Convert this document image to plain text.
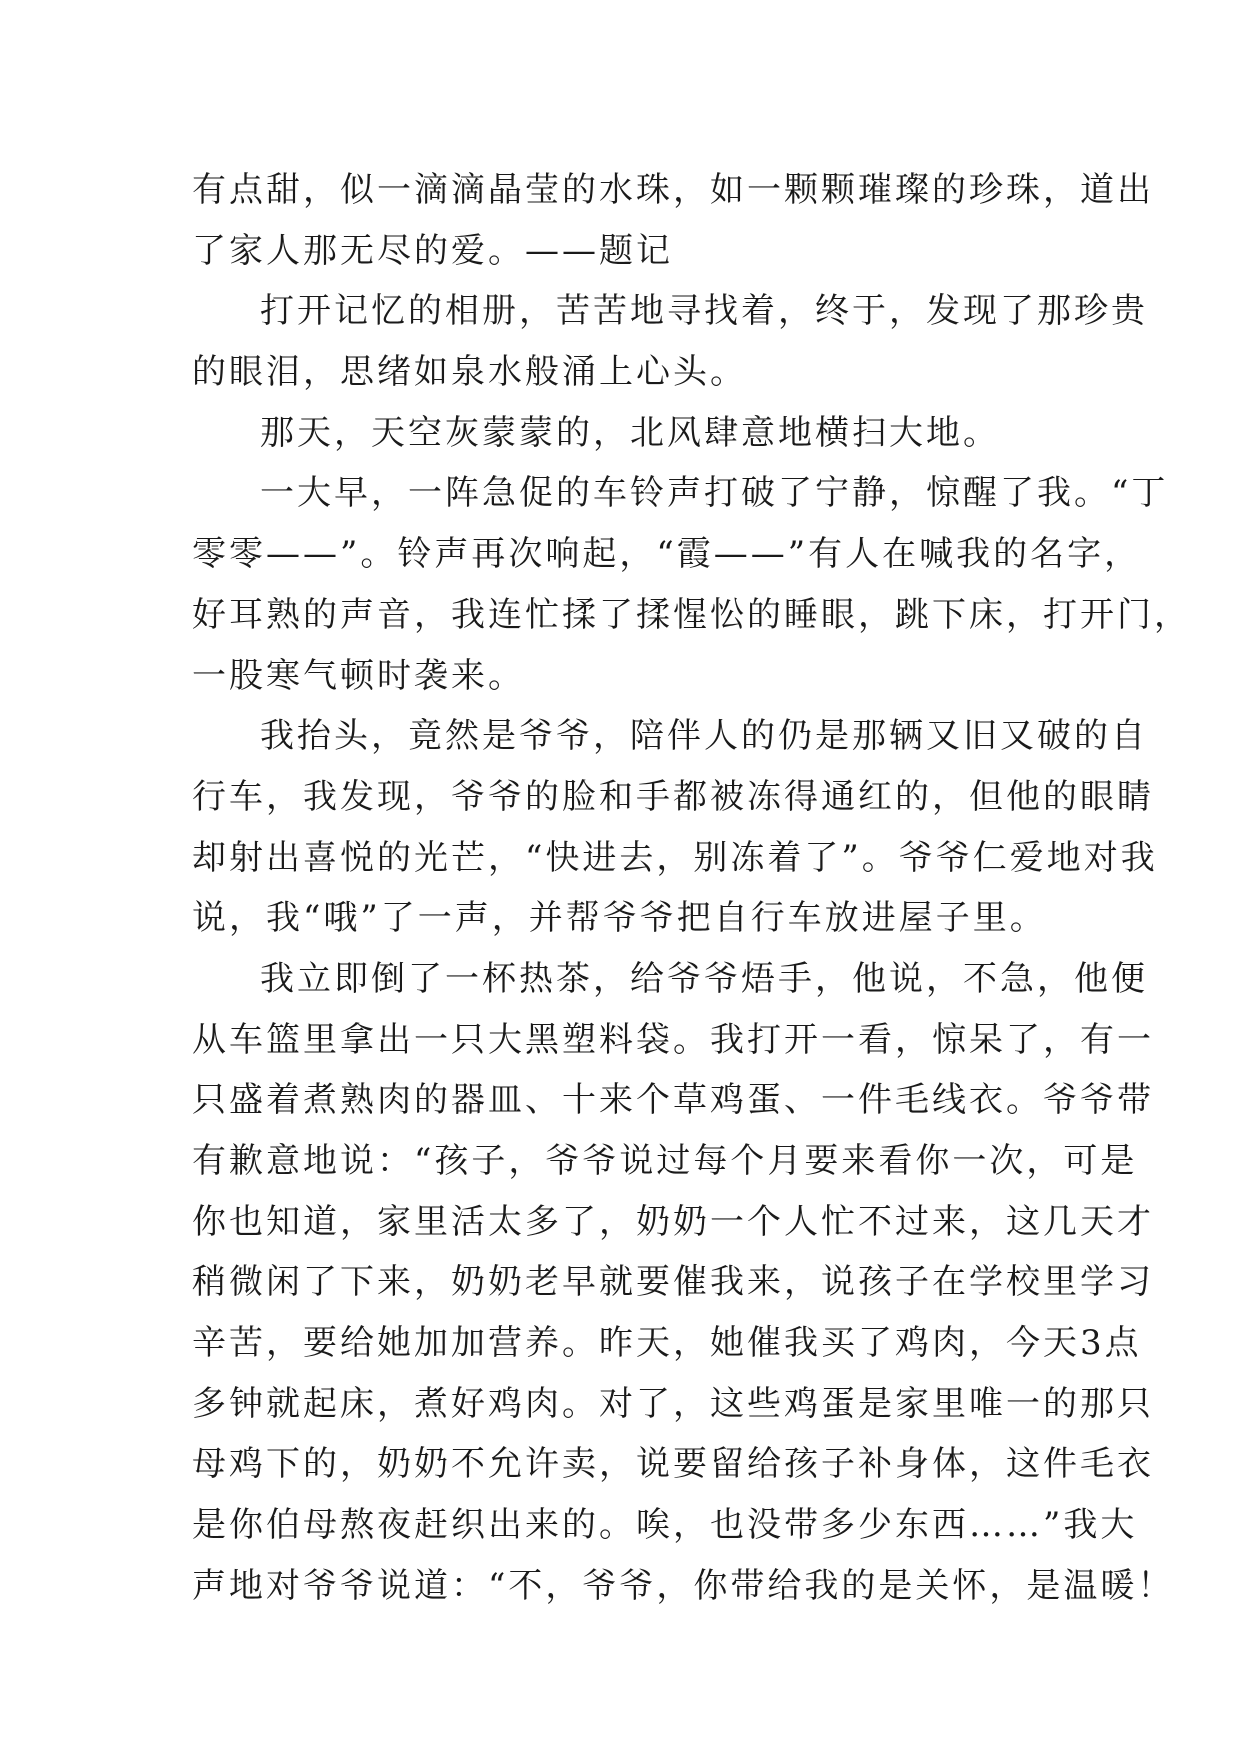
有点甜，似一滴滴晶莹的水珠，如一颗颗璀璨的珍珠，道出
了家人那无尽的爱。——题记
打开记忆的相册，苦苦地寻找着，终于，发现了那珍贵
的眼泪，思绪如泉水般涌上心头。
那天，天空灰蒙蒙的，北风肆意地横扫大地。
一大早，一阵急促的车铃声打破了宁静，惊醒了我。“丁
零零——”。铃声再次响起，“霞——”有人在喊我的名字，
好耳熟的声音，我连忙揉了揉惺忪的睡眼，跳下床，打开门，
一股寒气顿时袭来。
我抬头，竟然是爷爷，陪伴人的仍是那辆又旧又破的自
行车，我发现，爷爷的脸和手都被冻得通红的，但他的眼睛
却射出喜悦的光芒，“快进去，别冻着了”。爷爷仁爱地对我
说，我“哦”了一声，并帮爷爷把自行车放进屋子里。
我立即倒了一杯热茶，给爷爷焐手，他说，不急，他便
从车篮里拿出一只大黑塑料袋。我打开一看，惊呆了，有一
只盛着煮熟肉的器皿、十来个草鸡蛋、一件毛线衣。爷爷带
有歉意地说：“孩子，爷爷说过每个月要来看你一次，可是
你也知道，家里活太多了，奶奶一个人忙不过来，这几天才
稍微闲了下来，奶奶老早就要催我来，说孩子在学校里学习
辛苦，要给她加加营养。昨天，她催我买了鸡肉，今天3点
多钟就起床，煮好鸡肉。对了，这些鸡蛋是家里唯一的那只
母鸡下的，奶奶不允许卖，说要留给孩子补身体，这件毛衣
是你伯母熬夜赶织出来的。唉，也没带多少东西……”我大
声地对爷爷说道：“不，爷爷，你带给我的是关怀，是温暖！
